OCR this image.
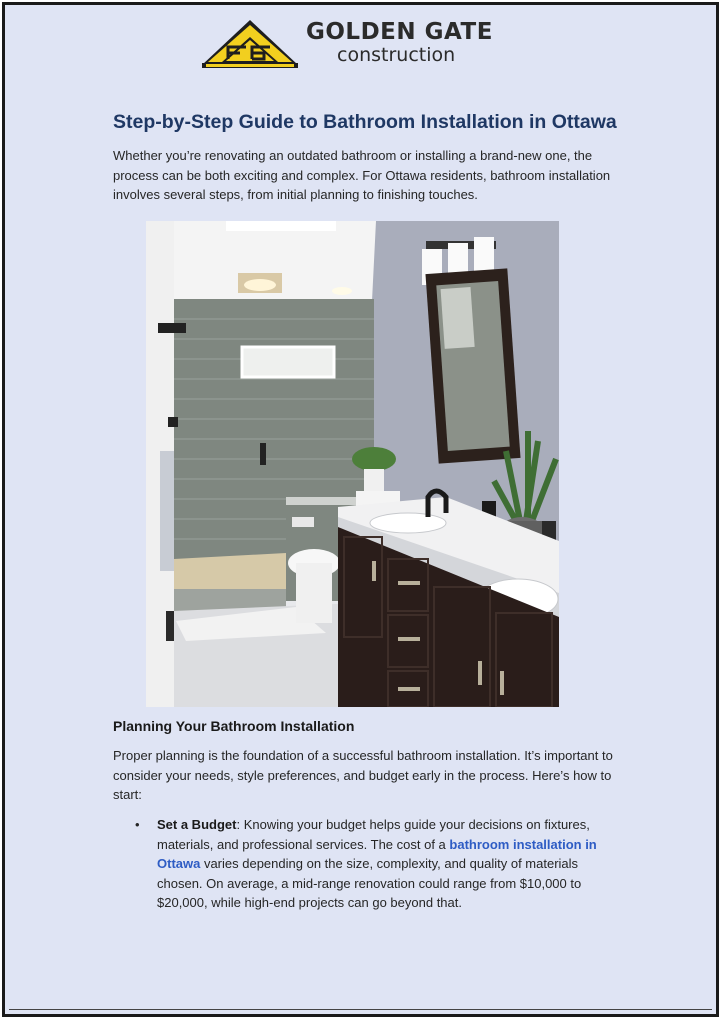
GOLDEN GATE
construction
Step-by-Step Guide to Bathroom Installation in Ottawa

Whether you’re renovating an outdated bathroom or installing a brand-new one, the process can be both exciting and complex. For Ottawa residents, bathroom installation involves several steps, from initial planning to finishing touches.

Planning Your Bathroom Installation

Proper planning is the foundation of a successful bathroom installation. It’s important to consider your needs, style preferences, and budget early in the process. Here’s how to start:

• Set a Budget: Knowing your budget helps guide your decisions on fixtures, materials, and professional services. The cost of a bathroom installation in Ottawa varies depending on the size, complexity, and quality of materials chosen. On average, a mid-range renovation could range from $10,000 to $20,000, while high-end projects can go beyond that.
